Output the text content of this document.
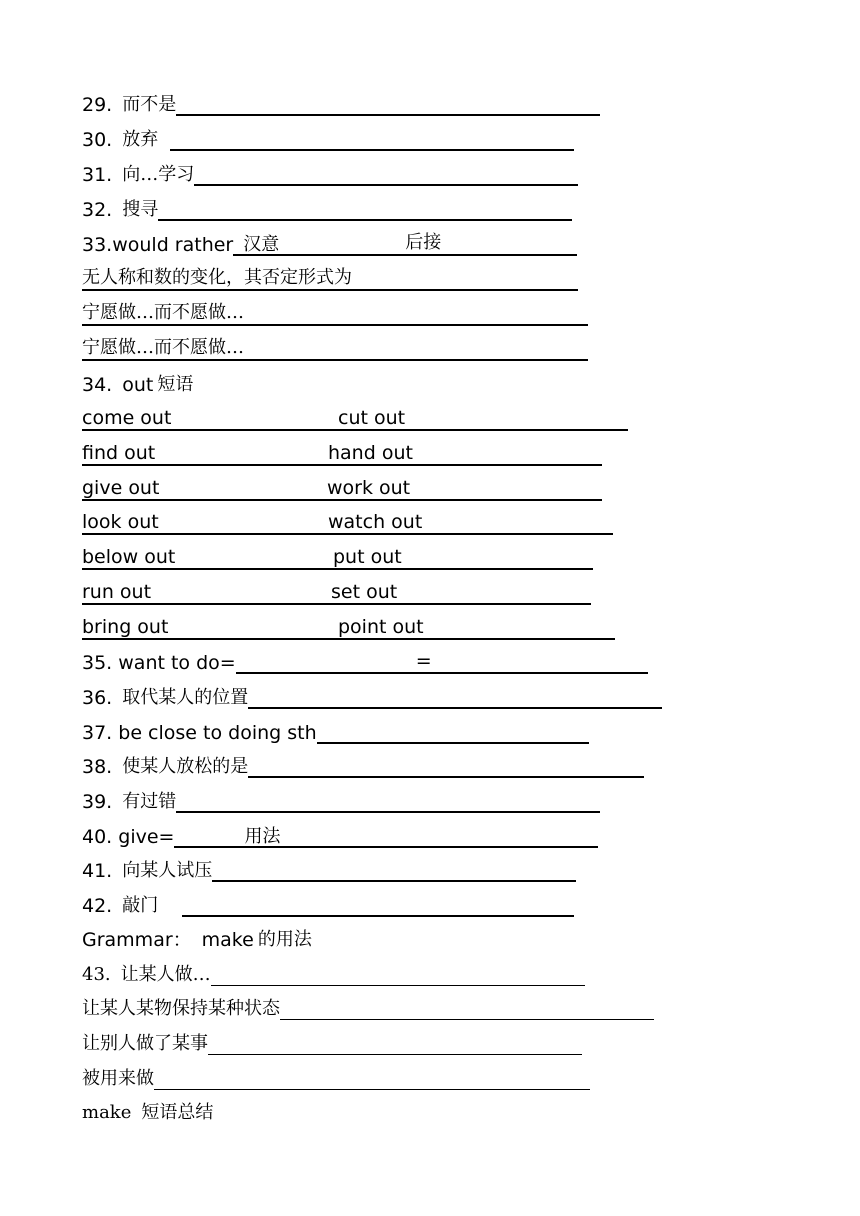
29. 而不是
30. 放弃
31. 向…学习
32. 搜寻
33.would rather 汉意	后接
无人称和数的变化，其否定形式为
宁愿做…而不愿做…
宁愿做…而不愿做…
34. out 短语
come out	cut out
find out	hand out
give out	work out
look out	watch out
below out	put out
run out	set out
bring out	point out
35. want to do=	=
36. 取代某人的位置
37. be close to doing sth
38. 使某人放松的是
39. 有过错
40. give=	用法
41. 向某人试压
42. 敲门
Grammar： make 的用法
43. 让某人做…
让某人某物保持某种状态
让别人做了某事
被用来做
make 短语总结
